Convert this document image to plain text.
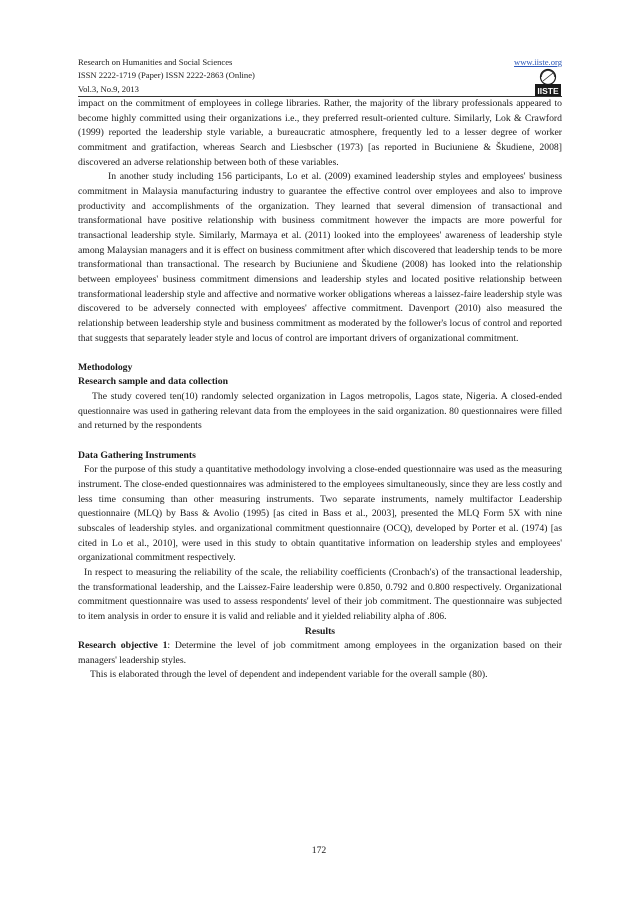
Research on Humanities and Social Sciences	www.iiste.org
ISSN 2222-1719 (Paper) ISSN 2222-2863 (Online)
Vol.3, No.9, 2013	IISTE

impact on the commitment of employees in college libraries. Rather, the majority of the library professionals appeared to become highly committed using their organizations i.e., they preferred result-oriented culture. Similarly, Lok & Crawford (1999) reported the leadership style variable, a bureaucratic atmosphere, frequently led to a lesser degree of worker commitment and gratifaction, whereas Search and Liesbscher (1973) [as reported in Buciuniene & Škudiene, 2008] discovered an adverse relationship between both of these variables.

In another study including 156 participants, Lo et al. (2009) examined leadership styles and employees' business commitment in Malaysia manufacturing industry to guarantee the effective control over employees and also to improve productivity and accomplishments of the organization. They learned that several dimension of transactional and transformational have positive relationship with business commitment however the impacts are more powerful for transactional leadership style. Similarly, Marmaya et al. (2011) looked into the employees' awareness of leadership style among Malaysian managers and it is effect on business commitment after which discovered that leadership tends to be more transformational than transactional. The research by Buciuniene and Škudiene (2008) has looked into the relationship between employees' business commitment dimensions and leadership styles and located positive relationship between transformational leadership style and affective and normative worker obligations whereas a laissez-faire leadership style was discovered to be adversely connected with employees' affective commitment. Davenport (2010) also measured the relationship between leadership style and business commitment as moderated by the follower's locus of control and reported that suggests that separately leader style and locus of control are important drivers of organizational commitment.

Methodology

Research sample and data collection

The study covered ten(10) randomly selected organization in Lagos metropolis, Lagos state, Nigeria. A closed-ended questionnaire was used in gathering relevant data from the employees in the said organization. 80 questionnaires were filled and returned by the respondents

Data Gathering Instruments

For the purpose of this study a quantitative methodology involving a close-ended questionnaire was used as the measuring instrument. The close-ended questionnaires was administered to the employees simultaneously, since they are less costly and less time consuming than other measuring instruments. Two separate instruments, namely multifactor Leadership questionnaire (MLQ) by Bass & Avolio (1995) [as cited in Bass et al., 2003], presented the MLQ Form 5X with nine subscales of leadership styles. and organizational commitment questionnaire (OCQ), developed by Porter et al. (1974) [as cited in Lo et al., 2010], were used in this study to obtain quantitative information on leadership styles and employees' organizational commitment respectively.

In respect to measuring the reliability of the scale, the reliability coefficients (Cronbach's) of the transactional leadership, the transformational leadership, and the Laissez-Faire leadership were 0.850, 0.792 and 0.800 respectively. Organizational commitment questionnaire was used to assess respondents' level of their job commitment. The questionnaire was subjected to item analysis in order to ensure it is valid and reliable and it yielded reliability alpha of .806.

Results

Research objective 1: Determine the level of job commitment among employees in the organization based on their managers' leadership styles.

This is elaborated through the level of dependent and independent variable for the overall sample (80).

172
